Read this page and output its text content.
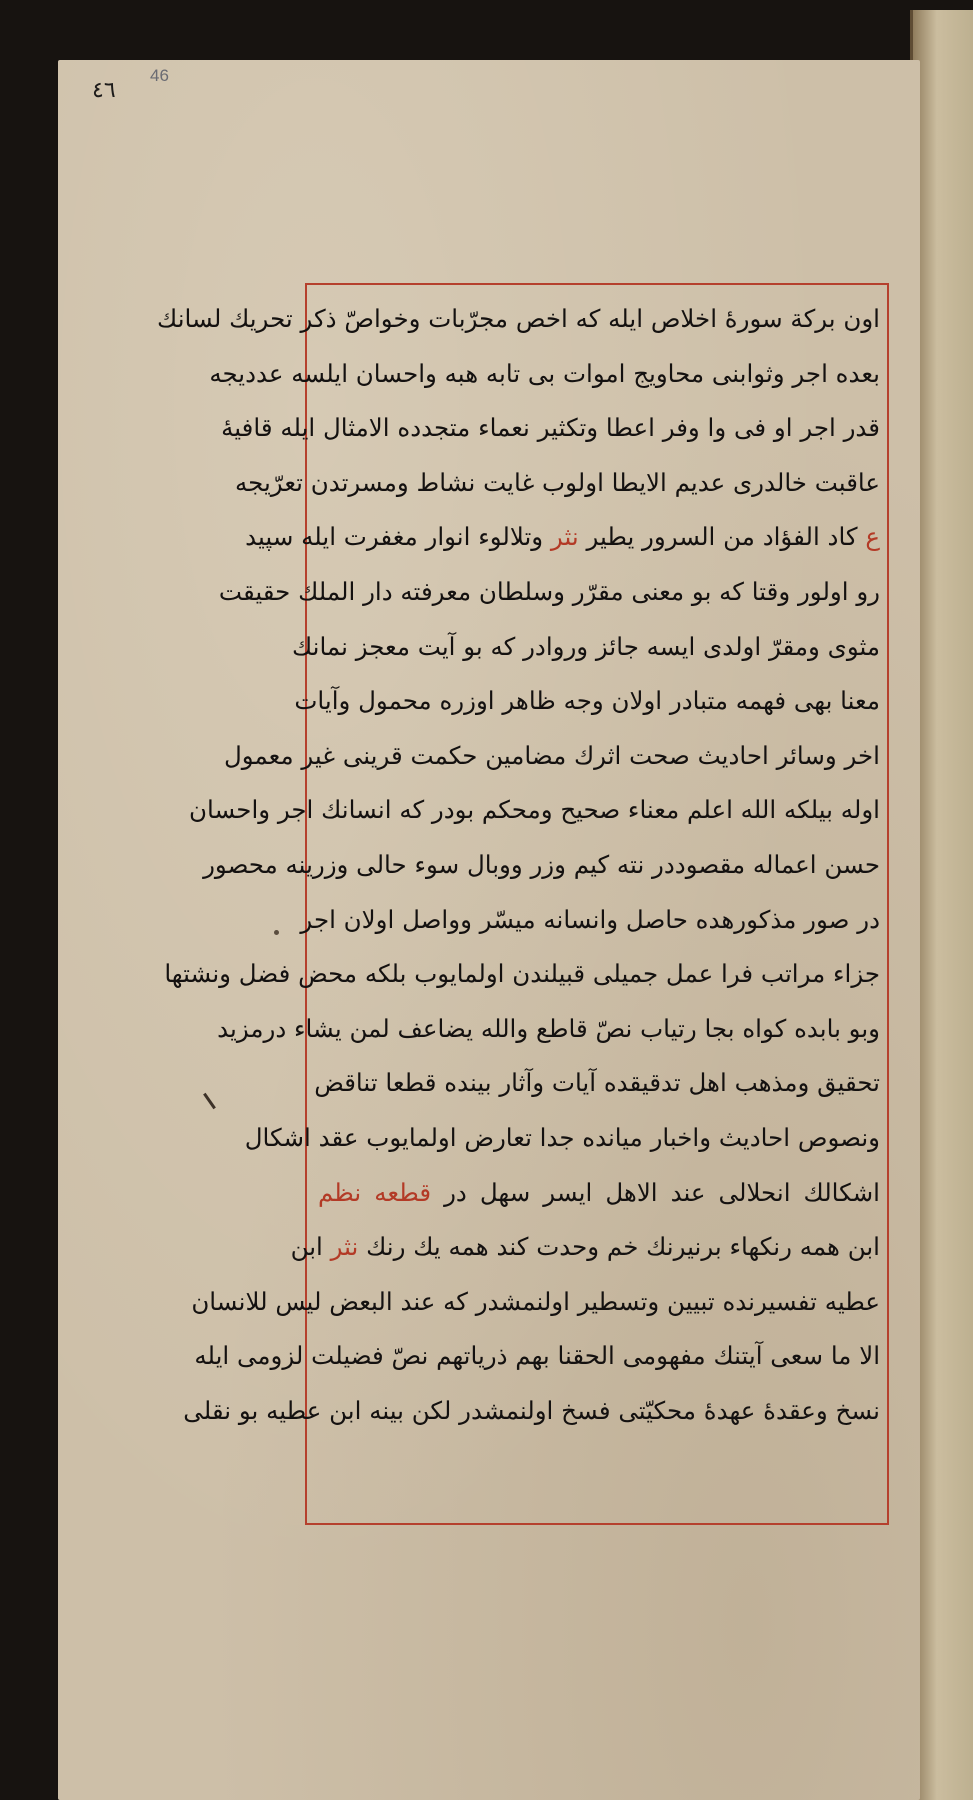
٤٦
46
اون بركة سورهٔ اخلاص ایله که اخص مجرّبات وخواصّ ذکر تحریك لسانك
بعده اجر وثوابنى محاويج اموات بی تابه هبه واحسان ایلسه عددیجه
قدر اجر او فى وا وفر اعطا وتکثیر نعماء متجدده الامثال ایله قافیهٔ
عاقبت خالدری عدیم الایطا اولوب غایت نشاط ومسرتدن تعرّیجه
ع کاد الفؤاد من السرور يطير نثر وتلالوء انوار مغفرت ایله سپید
رو اولور وقتا که بو معنی مقرّر وسلطان معرفته دار الملك حقیقت
مثوی ومقرّ اولدی ایسه جائز وروادر که بو آیت معجز نمانك
معنا بهی فهمه متبادر اولان وجه ظاهر اوزره محمول وآیات
اخر وسائر احادیث صحت اثرك مضامین حکمت قرینی غیر معمول
اوله بیلکه الله اعلم معناء صحیح ومحکم بودر که انسانك اجر واحسان
حسن اعماله مقصوددر نته کیم وزر ووبال سوء حالی وزرینه محصور
در صور مذکورهده حاصل وانسانه میسّر وواصل اولان اجر
جزاء مراتب فرا عمل جمیلی قبیلندن اولمایوب بلکه محض فضل ونشتها
وبو بابده کواه بجا رتیاب نصّ قاطع والله یضاعف لمن یشاء درمزید
تحقیق ومذهب اهل تدقیقده آیات وآثار بینده قطعا تناقض
ونصوص احادیث واخبار میانده جدا تعارض اولمایوب عقد اشکال
اشکالك انحلالی عند الاهل ایسر سهل در قطعه نظم
ابن همه رنکهاء برنیرنك خم وحدت کند همه یك رنك نثر ابن
عطیه تفسیرنده تبیین وتسطیر اولنمشدر که عند البعض لیس للانسان
الا ما سعی آیتنك مفهومی الحقنا بهم ذریاتهم نصّ فضیلت لزومی ایله
نسخ وعقدهٔ عهدهٔ محکیّتی فسخ اولنمشدر لکن بینه ابن عطیه بو نقلی
